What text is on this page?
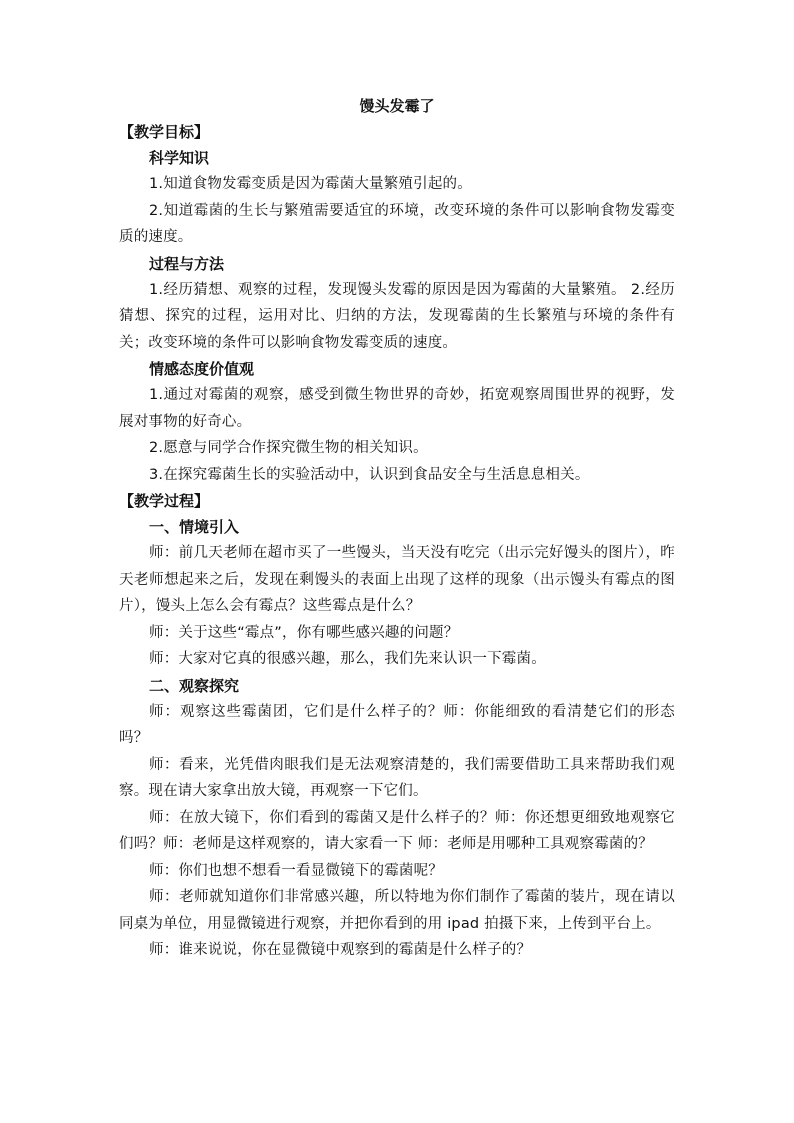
馒头发霉了

【教学目标】

科学知识

1.知道食物发霉变质是因为霉菌大量繁殖引起的。

2.知道霉菌的生长与繁殖需要适宜的环境，改变环境的条件可以影响食物发霉变质的速度。

过程与方法

1.经历猜想、观察的过程，发现馒头发霉的原因是因为霉菌的大量繁殖。 2.经历猜想、探究的过程，运用对比、归纳的方法，发现霉菌的生长繁殖与环境的条件有关；改变环境的条件可以影响食物发霉变质的速度。

情感态度价值观

1.通过对霉菌的观察，感受到微生物世界的奇妙，拓宽观察周围世界的视野，发展对事物的好奇心。

2.愿意与同学合作探究微生物的相关知识。

3.在探究霉菌生长的实验活动中，认识到食品安全与生活息息相关。

【教学过程】

一、情境引入

师：前几天老师在超市买了一些馒头，当天没有吃完（出示完好馒头的图片），昨天老师想起来之后，发现在剩馒头的表面上出现了这样的现象（出示馒头有霉点的图片），馒头上怎么会有霉点？这些霉点是什么？

师：关于这些“霉点”，你有哪些感兴趣的问题？

师：大家对它真的很感兴趣，那么，我们先来认识一下霉菌。

二、观察探究

师：观察这些霉菌团，它们是什么样子的？师：你能细致的看清楚它们的形态吗？

师：看来，光凭借肉眼我们是无法观察清楚的，我们需要借助工具来帮助我们观察。现在请大家拿出放大镜，再观察一下它们。

师：在放大镜下，你们看到的霉菌又是什么样子的？师：你还想更细致地观察它们吗？师：老师是这样观察的，请大家看一下 师：老师是用哪种工具观察霉菌的？

师：你们也想不想看一看显微镜下的霉菌呢？

师：老师就知道你们非常感兴趣，所以特地为你们制作了霉菌的装片，现在请以同桌为单位，用显微镜进行观察，并把你看到的用 ipad 拍摄下来，上传到平台上。

师：谁来说说，你在显微镜中观察到的霉菌是什么样子的？
